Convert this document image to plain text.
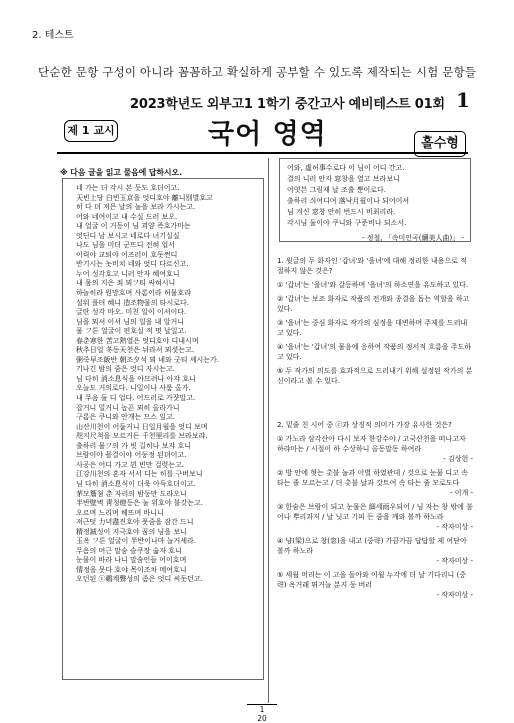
2. 테스트
단순한 문항 구성이 아니라 꼼꼼하고 확실하게 공부할 수 있도록 제작되는 시험 문항들
2023학년도 외부고1 1학기 중간고사 예비테스트 01회 1
제 1 교시	국어 영역	홀수형
※ 다음 글을 읽고 물음에 답하시오.
네 가는 더 각시 본 듯도 호더이고.
天빈上당 白빈玉京을 엇디호야 離니別별호고
히 다 뎌 져믄 날의 눌을 보라 가시는고.
어와 네여이고 내 수실 드러 보오.
내 얼굴 이 거동이 님 괴얌 즉호가마는
엇딘디 날 보시고 네로다 녀기실실
나도 님을 미더 군뜨디 전혀 업서
이릭야 교퇴야 어즈러이 호돗쩐디
반기시는 놋비치 네와 엇디 다르신고.
누어 성각호고 니러 안자 혜여호니
내 몸의 지은 죄 뫼フ티 싸혀시니
하놀히라 원망호며 사롬이라 허물호랴
설워 플텨 혜니 造조物물의 타시로다.
글란 성각 마오. 미친 일이 이셔이다.
님을 뫼셔 이셔 님의 일을 내 알거니
물 フ튼 얼굴이 편호실 적 몃 날일고.
春춘寒한 苦고熱열은 엇디호야 디내시며
秋추日일 冬동天천은 뉘라셔 뫼셧는고.
粥죽早조飯반 朝조夕석 뫼 녜와 굿티 셰시는가.
기나긴 밤의 줌은 엇디 자시는고.
님 다히 消소息식을 아므려나 아쟈 호니
오늘도 거의로다. 니일이나 사룸 올가.
내 무음 둘 디 업다. 어드러로 가쟛말고.
잡거니 밀거니 놉픈 뫼히 올라가니
구롬은 쿠니와 안개는 므스 일고.
山산川천이 어둡거니 日일月월을 엇디 보며
咫지尺척을 모르거든 千천里리를 브라보랴.
출하리 물フ의 가 빗 길히나 보쟈 호니
브람이야 믈결이야 어둥정 된뎌이고.
사공은 어디 가고 븬 빈만 걸렷는고.
江강川천의 혼자 서서 디는 히를 구버보니
님 다히 消소息식이 더욱 아득호더이고.
茅모簷쳠 춘 자리의 밤둥만 도라오니
半반壁벽 靑청燈등은 눌 위호야 불갓는고.
오르며 느리며 헤뜨며 바니니
져근덧 力녁盡진호야 풋줌을 잠간 드니
精정誠성이 지극호야 꿈의 님을 보니
玉옥 フ튼 얼굴이 半반이나마 늘거셰라.
무옴의 머근 말숨 슬쿠장 숣자 호니
눈물이 바라 나니 말숨인들 어이호며
情정을 못다 호야 목이조차 메여호니
오던된 ⓒ鷄계聲성의 좀은 엇디 씨돗던고.
어와, 虛허事수로다 이 님이 어디 간고.
결의 니러 안자 窓창을 열고 브라보니
어엿븐 그림재 날 조출 뿐이로다.
출하리 싀여디여 落낙月월이나 되어이셔
님 겨신 窓창 안히 번드시 비최리라.
각시님 둘이야 쿠니와 구준비나 되소서.
- 정철, 「속미인곡(續美人曲)」 -
1. 윗글의 두 화자인 '갑녀'와 '을녀'에 대해 정리한 내용으로 적절하지 않은 것은?
① '갑녀'는 '을녀'와 갈등하며 '을녀'의 하소연을 유도하고 있다.
② '갑녀'는 보조 화자로 작품의 전개와 종결을 돕는 역할을 하고 있다.
③ '을녀'는 중심 화자로 작가의 심정을 대변하며 주제를 드러내고 있다.
④ '을녀'는 '갑녀'의 물음에 응하여 작품의 정서적 흐름을 주도하고 있다.
⑤ 두 작가의 의도를 효과적으로 드러내기 위해 설정된 작가의 분신이라고 볼 수 있다.
2. 밑줄 친 시어 중 ⓒ과 상징적 의미가 가장 유사한 것은?
① 가노라 삼각산아 다시 보자 한강수야 / 고국산천을 떠나고자 하랴마는 / 시절이 하 수상하니 올동말동 하여라
- 김상헌 -
② 방 안에 혓는 촛불 눌과 이별 하였관데 / 것으로 눈물 디고 속 타는 줄 모르는고 / 더 촛불 날과 갓트여 속 타는 줄 모로도다
- 이개 -
③ 한숨은 브람이 되고 눈물은 細세雨우되어 / 님 자는 창 밖에 불어나 뿌리과저 / 날 닛고 기피 든 줌을 깨와 볼까 하노라
- 작자미상 -
④ 냥(梁)으로 창(窓)을 내고 (중략) 가끔가끔 답답할 제 여닫아 볼까 하노라
- 작자미상 -
⑤ 세월 머리는 이 고을 돌아와 이월 누각에 더 날 기다리니 (중략) 옥거래 뛰거늘 분지 둥 버러
- 작자미상 -
1
20
